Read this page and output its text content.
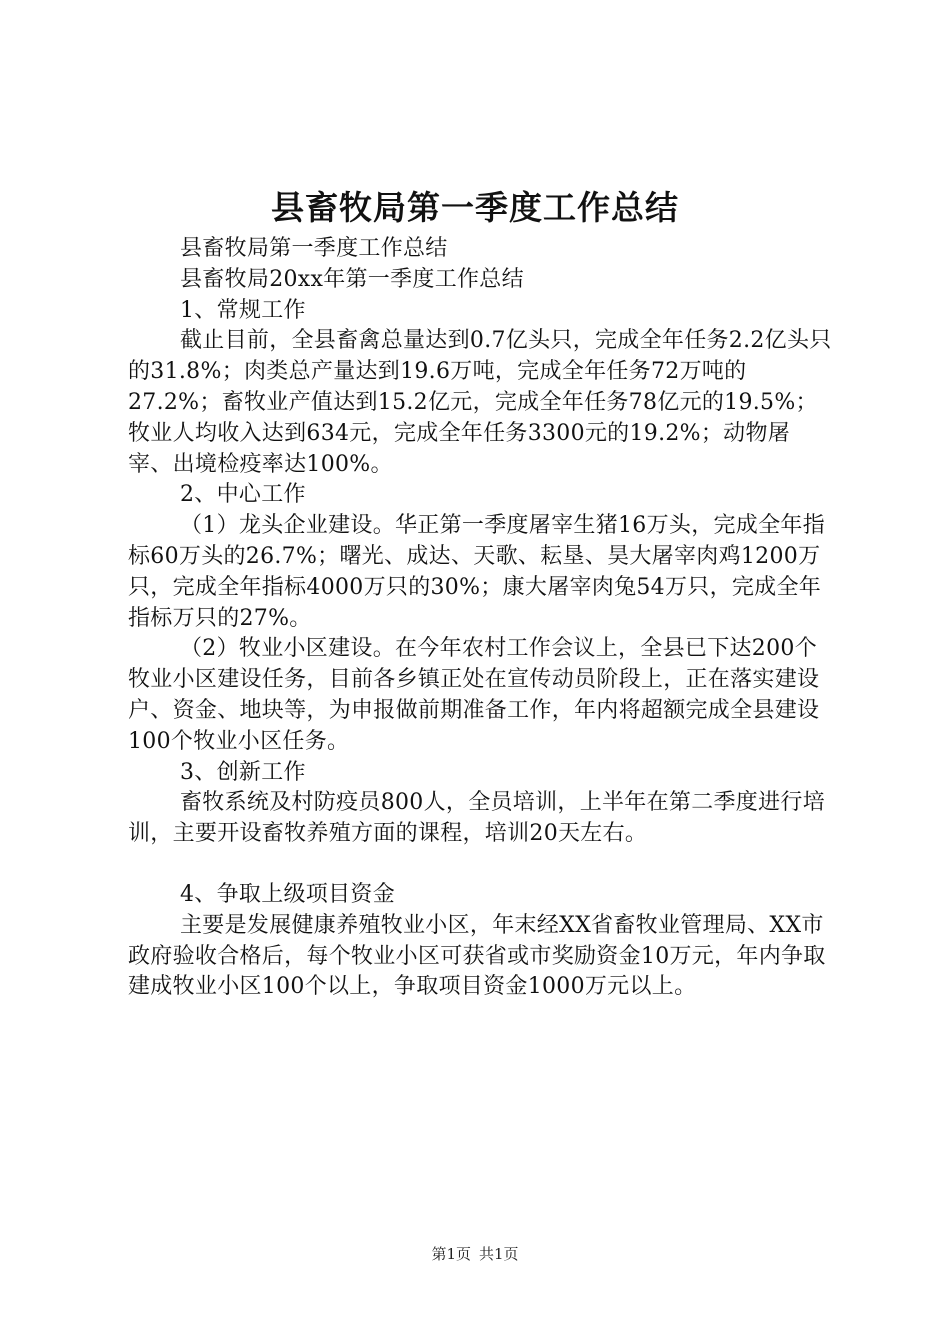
县畜牧局第一季度工作总结

县畜牧局第一季度工作总结

县畜牧局20xx年第一季度工作总结

1、常规工作

截止目前，全县畜禽总量达到0.7亿头只，完成全年任务2.2亿头只的31.8%；肉类总产量达到19.6万吨，完成全年任务72万吨的27.2%；畜牧业产值达到15.2亿元，完成全年任务78亿元的19.5%；牧业人均收入达到634元，完成全年任务3300元的19.2%；动物屠宰、出境检疫率达100%。

2、中心工作

（1）龙头企业建设。华正第一季度屠宰生猪16万头，完成全年指标60万头的26.7%；曙光、成达、天歌、耘垦、昊大屠宰肉鸡1200万只，完成全年指标4000万只的30%；康大屠宰肉兔54万只，完成全年指标万只的27%。

（2）牧业小区建设。在今年农村工作会议上，全县已下达200个牧业小区建设任务，目前各乡镇正处在宣传动员阶段上，正在落实建设户、资金、地块等，为申报做前期准备工作，年内将超额完成全县建设100个牧业小区任务。

3、创新工作

畜牧系统及村防疫员800人，全员培训，上半年在第二季度进行培训，主要开设畜牧养殖方面的课程，培训20天左右。

4、争取上级项目资金

主要是发展健康养殖牧业小区，年末经XX省畜牧业管理局、XX市政府验收合格后，每个牧业小区可获省或市奖励资金10万元，年内争取建成牧业小区100个以上，争取项目资金1000万元以上。

第1页 共1页
